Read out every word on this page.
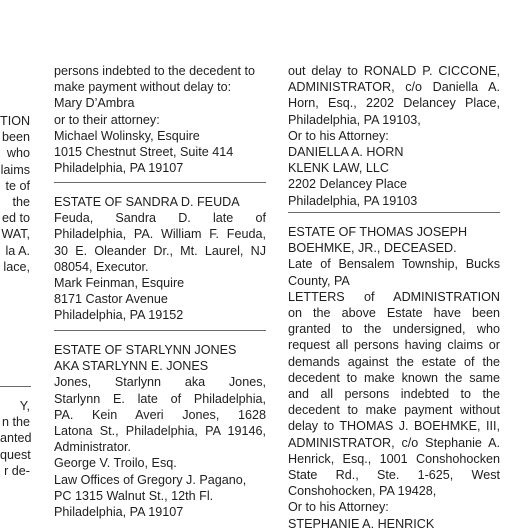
TION
been
who
laims
te of
the
ed to
WAT,
la A.
lace,
Y,
n the
anted
quest
r de-
persons indebted to the decedent to
make payment without delay to:
Mary D’Ambra
or to their attorney:
Michael Wolinsky, Esquire
1015 Chestnut Street, Suite 414
Philadelphia, PA 19107
ESTATE OF SANDRA D. FEUDA
Feuda, Sandra D. late of
Philadelphia, PA. William F. Feuda,
30 E. Oleander Dr., Mt. Laurel, NJ
08054, Executor.
Mark Feinman, Esquire
8171 Castor Avenue
Philadelphia, PA 19152
ESTATE OF STARLYNN JONES
AKA STARLYNN E. JONES
Jones, Starlynn aka Jones,
Starlynn E. late of Philadelphia,
PA. Kein Averi Jones, 1628
Latona St., Philadelphia, PA 19146,
Administrator.
George V. Troilo, Esq.
Law Offices of Gregory J. Pagano,
PC 1315 Walnut St., 12th Fl.
Philadelphia, PA 19107
out delay to RONALD P. CICCONE,
ADMINISTRATOR, c/o Daniella A.
Horn, Esq., 2202 Delancey Place,
Philadelphia, PA 19103,
Or to his Attorney:
DANIELLA A. HORN
KLENK LAW, LLC
2202 Delancey Place
Philadelphia, PA 19103
ESTATE OF THOMAS JOSEPH
BOEHMKE, JR., DECEASED.
Late of Bensalem Township, Bucks
County, PA
LETTERS of ADMINISTRATION
on the above Estate have been
granted to the undersigned, who
request all persons having claims or
demands against the estate of the
decedent to make known the same
and all persons indebted to the
decedent to make payment without
delay to THOMAS J. BOEHMKE, III,
ADMINISTRATOR, c/o Stephanie A.
Henrick, Esq., 1001 Conshohocken
State Rd., Ste. 1-625, West
Conshohocken, PA 19428,
Or to his Attorney:
STEPHANIE A. HENRICK
